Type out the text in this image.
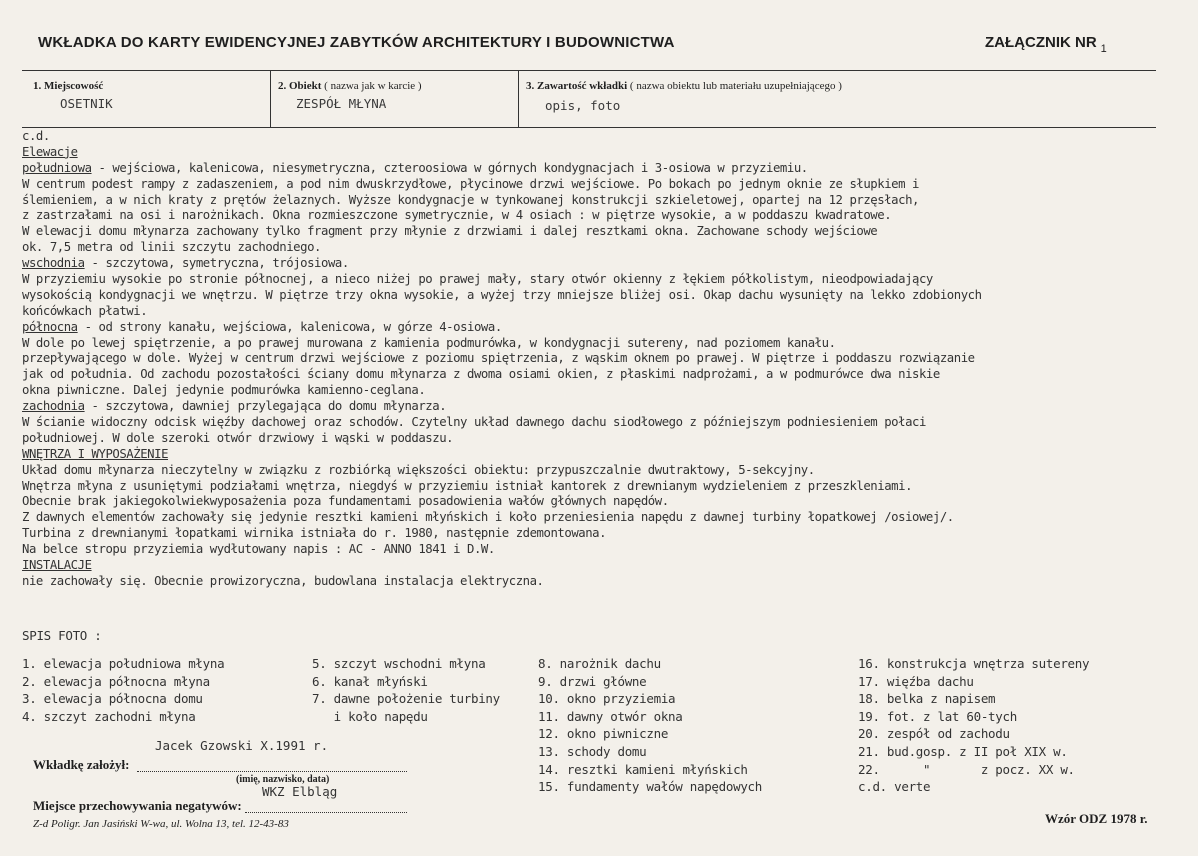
WKŁADKA DO KARTY EWIDENCYJNEJ ZABYTKÓW ARCHITEKTURY I BUDOWNICTWA	ZAŁĄCZNIK NR $_1$
1. Miejscowość
OSETNIK
2. Obiekt ( nazwa jak w karcie )
ZESPÓŁ MŁYNA
3. Zawartość wkładki ( nazwa obiektu lub materiału uzupełniającego )
opis, foto
c.d.
Elewacje
południowa - wejściowa, kalenicowa, niesymetryczna, czteroosiowa w górnych kondygnacjach i 3-osiowa w przyziemiu.
W centrum podest rampy z zadaszeniem, a pod nim dwuskrzydłowe, płycinowe drzwi wejściowe. Po bokach po jednym oknie ze słupkiem i
ślemieniem, a w nich kraty z prętów żelaznych. Wyższe kondygnacje w tynkowanej konstrukcji szkieletowej, opartej na 12 przęsłach,
z zastrzałami na osi i narożnikach. Okna rozmieszczone symetrycznie, w 4 osiach : w piętrze wysokie, a w poddaszu kwadratowe.
W elewacji domu młynarza zachowany tylko fragment przy młynie z drzwiami i dalej resztkami okna. Zachowane schody wejściowe
ok. 7,5 metra od linii szczytu zachodniego.
wschodnia - szczytowa, symetryczna, trójosiowa.
W przyziemiu wysokie po stronie północnej, a nieco niżej po prawej mały, stary otwór okienny z łękiem półkolistym, nieodpowiadający
wysokością kondygnacji we wnętrzu. W piętrze trzy okna wysokie, a wyżej trzy mniejsze bliżej osi. Okap dachu wysunięty na lekko zdobionych
końcówkach płatwi.
północna - od strony kanału, wejściowa, kalenicowa, w górze 4-osiowa.
W dole po lewej spiętrzenie, a po prawej murowana z kamienia podmurówka, w kondygnacji sutereny, nad poziomem kanału.
przepływającego w dole. Wyżej w centrum drzwi wejściowe z poziomu spiętrzenia, z wąskim oknem po prawej. W piętrze i poddaszu rozwiązanie
jak od południa. Od zachodu pozostałości ściany domu młynarza z dwoma osiami okien, z płaskimi nadprożami, a w podmurówce dwa niskie
okna piwniczne. Dalej jedynie podmurówka kamienno-ceglana.
zachodnia - szczytowa, dawniej przylegająca do domu młynarza.
W ścianie widoczny odcisk więźby dachowej oraz schodów. Czytelny układ dawnego dachu siodłowego z późniejszym podniesieniem połaci
południowej. W dole szeroki otwór drzwiowy i wąski w poddaszu.
WNĘTRZA I WYPOSAŻENIE
Układ domu młynarza nieczytelny w związku z rozbiórką większości obiektu: przypuszczalnie dwutraktowy, 5-sekcyjny.
Wnętrza młyna z usuniętymi podziałami wnętrza, niegdyś w przyziemiu istniał kantorek z drewnianym wydzieleniem z przeszkleniami.
Obecnie brak jakiegokolwiekwyposażenia poza fundamentami posadowienia wałów głównych napędów.
Z dawnych elementów zachowały się jedynie resztki kamieni młyńskich i koło przeniesienia napędu z dawnej turbiny łopatkowej /osiowej/.
Turbina z drewnianymi łopatkami wirnika istniała do r. 1980, następnie zdemontowana.
Na belce stropu przyziemia wydłutowany napis : AC - ANNO 1841 i D.W.
INSTALACJE
nie zachowały się. Obecnie prowizoryczna, budowlana instalacja elektryczna.
SPIS FOTO :
1. elewacja południowa młyna
2. elewacja północna młyna
3. elewacja północna domu
4. szczyt zachodni młyna
5. szczyt wschodni młyna
6. kanał młyński
7. dawne położenie turbiny
i koło napędu
8. narożnik dachu
9. drzwi główne
10. okno przyziemia
11. dawny otwór okna
12. okno piwniczne
13. schody domu
14. resztki kamieni młyńskich
15. fundamenty wałów napędowych
16. konstrukcja wnętrza sutereny
17. więźba dachu
18. belka z napisem
19. fot. z lat 60-tych
20. zespół od zachodu
21. bud.gosp. z II poł XIX w.
22.      "       z pocz. XX w.
c.d. verte
Jacek Gzowski X.1991 r.
Wkładkę założył:
(imię, nazwisko, data)
WKZ Elbląg
Miejsce przechowywania negatywów:
Z-d Poligr. Jan Jasiński W-wa, ul. Wolna 13, tel. 12-43-83	Wzór ODZ 1978 r.
